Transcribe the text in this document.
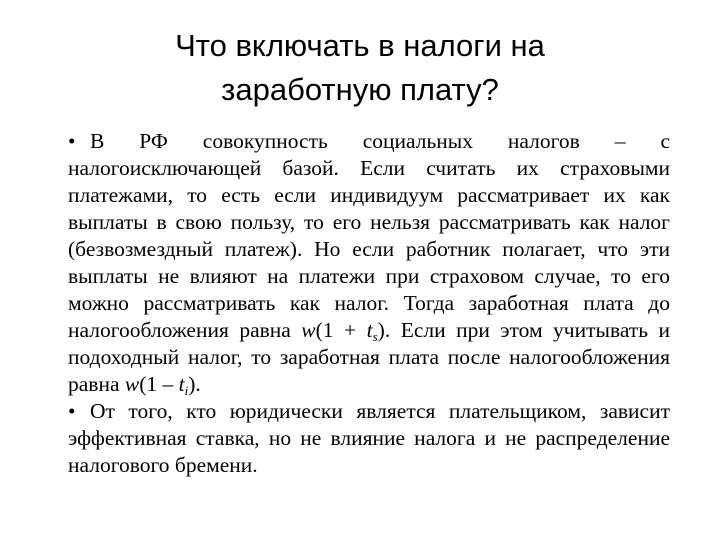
Что включать в налоги на
заработную плату?

• В РФ совокупность социальных налогов – с налогоисключающей базой. Если считать их страховыми платежами, то есть если индивидуум рассматривает их как выплаты в свою пользу, то его нельзя рассматривать как налог (безвозмездный платеж). Но если работник полагает, что эти выплаты не влияют на платежи при страховом случае, то его можно рассматривать как налог. Тогда заработная плата до налогообложения равна $w(1 + t_s)$. Если при этом учитывать и подоходный налог, то заработная плата после налогообложения равна $w(1 - t_i)$.

• От того, кто юридически является плательщиком, зависит эффективная ставка, но не влияние налога и не распределение налогового бремени.
